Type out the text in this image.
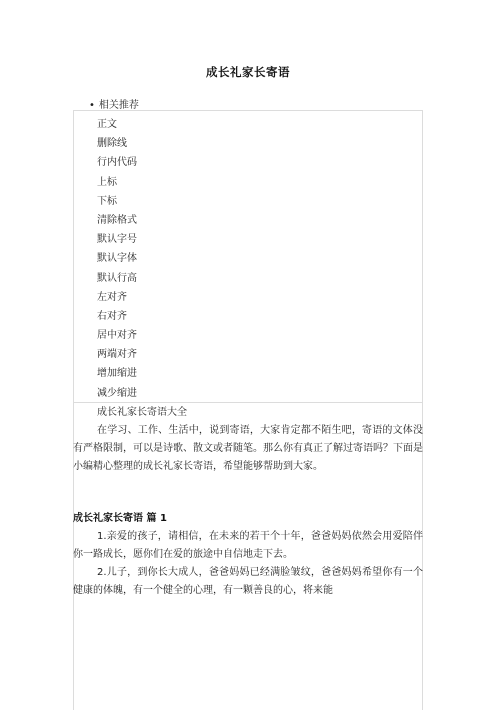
成长礼家长寄语
• 相关推荐
正文
删除线
行内代码
上标
下标
清除格式
默认字号
默认字体
默认行高
左对齐
右对齐
居中对齐
两端对齐
增加缩进
减少缩进

成长礼家长寄语大全

在学习、工作、生活中，说到寄语，大家肯定都不陌生吧，寄语的文体没有严格限制，可以是诗歌、散文或者随笔。那么你有真正了解过寄语吗？下面是小编精心整理的成长礼家长寄语，希望能够帮助到大家。

成长礼家长寄语 篇 1

1.亲爱的孩子，请相信，在未来的若干个十年，爸爸妈妈依然会用爱陪伴你一路成长，愿你们在爱的旅途中自信地走下去。

2.儿子，到你长大成人，爸爸妈妈已经满脸皱纹，爸爸妈妈希望你有一个健康的体魄，有一个健全的心理，有一颗善良的心，将来能
